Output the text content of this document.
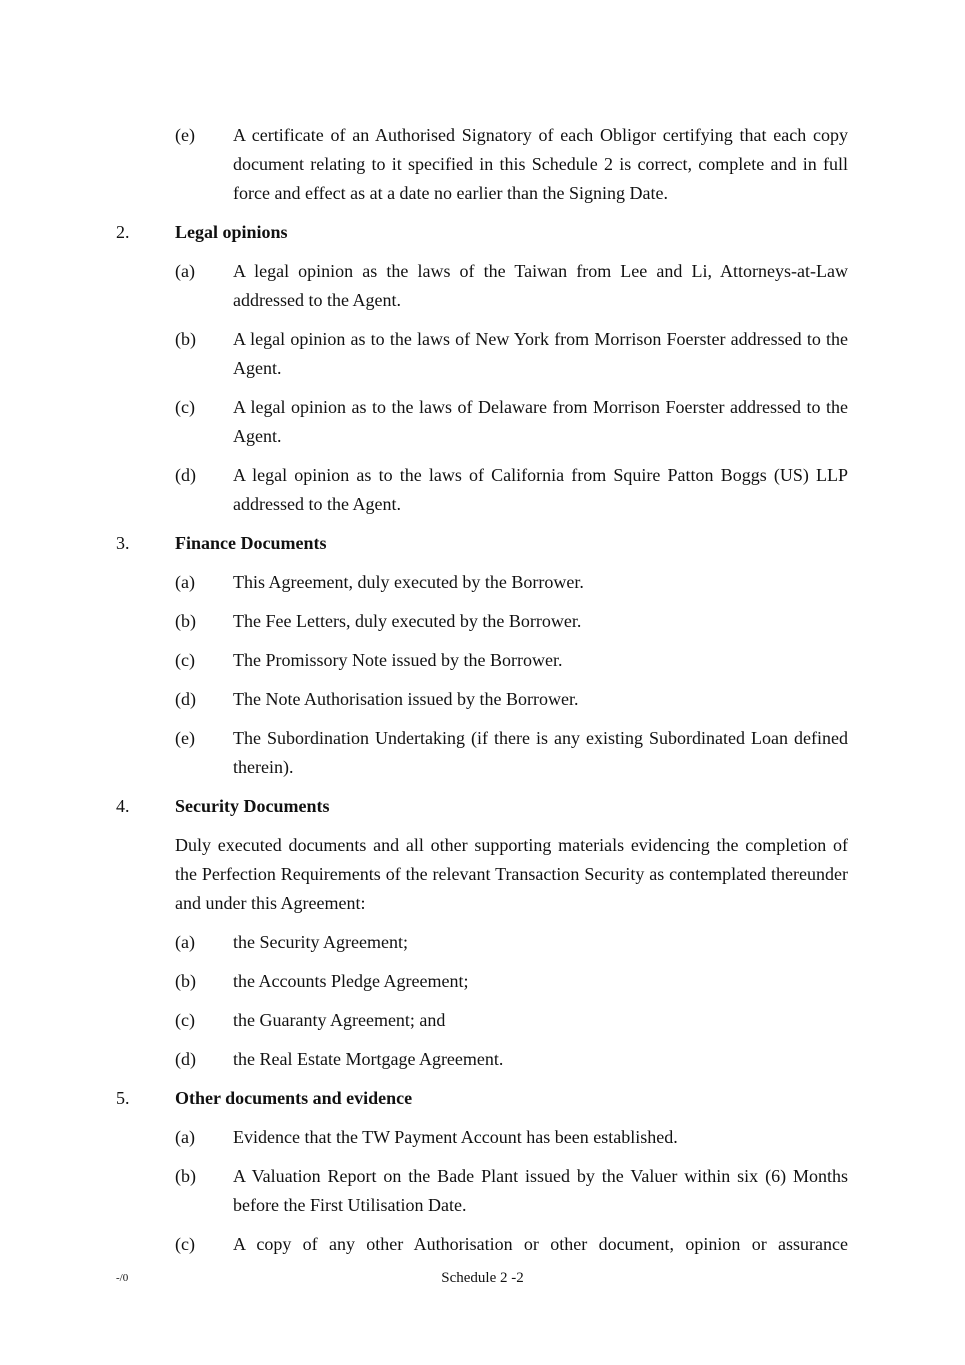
(e) A certificate of an Authorised Signatory of each Obligor certifying that each copy document relating to it specified in this Schedule 2 is correct, complete and in full force and effect as at a date no earlier than the Signing Date.
2.	Legal opinions
(a) A legal opinion as the laws of the Taiwan from Lee and Li, Attorneys-at-Law addressed to the Agent.
(b) A legal opinion as to the laws of New York from Morrison Foerster addressed to the Agent.
(c) A legal opinion as to the laws of Delaware from Morrison Foerster addressed to the Agent.
(d) A legal opinion as to the laws of California from Squire Patton Boggs (US) LLP addressed to the Agent.
3.	Finance Documents
(a) This Agreement, duly executed by the Borrower.
(b) The Fee Letters, duly executed by the Borrower.
(c) The Promissory Note issued by the Borrower.
(d) The Note Authorisation issued by the Borrower.
(e) The Subordination Undertaking (if there is any existing Subordinated Loan defined therein).
4.	Security Documents
Duly executed documents and all other supporting materials evidencing the completion of the Perfection Requirements of the relevant Transaction Security as contemplated thereunder and under this Agreement:
(a) the Security Agreement;
(b) the Accounts Pledge Agreement;
(c) the Guaranty Agreement; and
(d) the Real Estate Mortgage Agreement.
5.	Other documents and evidence
(a) Evidence that the TW Payment Account has been established.
(b) A Valuation Report on the Bade Plant issued by the Valuer within six (6) Months before the First Utilisation Date.
(c) A copy of any other Authorisation or other document, opinion or assurance
-/0	Schedule 2 -2
